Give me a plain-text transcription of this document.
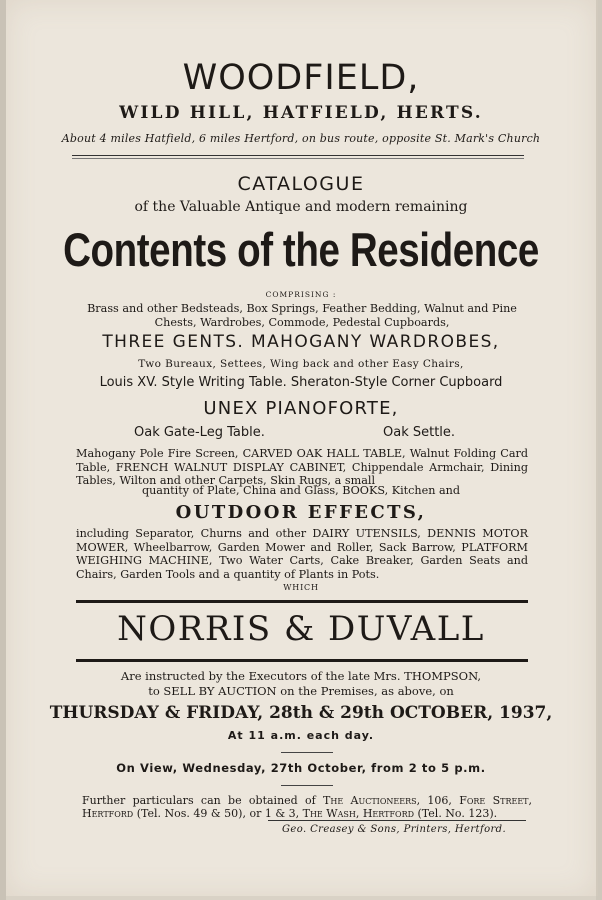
WOODFIELD,
WILD HILL, HATFIELD, HERTS.
About 4 miles Hatfield, 6 miles Hertford, on bus route, opposite St. Mark's Church
CATALOGUE
of the Valuable Antique and modern remaining
Contents of the Residence
COMPRISING :
Brass and other Bedsteads, Box Springs, Feather Bedding, Walnut and Pine Chests, Wardrobes, Commode, Pedestal Cupboards,
THREE GENTS. MAHOGANY WARDROBES,
Two Bureaux, Settees, Wing back and other Easy Chairs,
Louis XV. Style Writing Table. Sheraton-Style Corner Cupboard
UNEX PIANOFORTE,
Oak Gate-Leg Table.	Oak Settle.
Mahogany Pole Fire Screen, CARVED OAK HALL TABLE, Walnut Folding Card Table, FRENCH WALNUT DISPLAY CABINET, Chippendale Armchair, Dining Tables, Wilton and other Carpets, Skin Rugs, a small
quantity of Plate, China and Glass, BOOKS, Kitchen and
OUTDOOR EFFECTS,
including Separator, Churns and other DAIRY UTENSILS, DENNIS MOTOR MOWER, Wheelbarrow, Garden Mower and Roller, Sack Barrow, PLATFORM WEIGHING MACHINE, Two Water Carts, Cake Breaker, Garden Seats and Chairs, Garden Tools and a quantity of Plants in Pots.
WHICH
NORRIS & DUVALL
Are instructed by the Executors of the late Mrs. THOMPSON,
to SELL BY AUCTION on the Premises, as above, on
THURSDAY & FRIDAY, 28th & 29th OCTOBER, 1937,
At 11 a.m. each day.
On View, Wednesday, 27th October, from 2 to 5 p.m.
Further particulars can be obtained of The Auctioneers, 106, Fore Street, Hertford (Tel. Nos. 49 & 50), or 1 & 3, The Wash, Hertford (Tel. No. 123).
Geo. Creasey & Sons, Printers, Hertford.
